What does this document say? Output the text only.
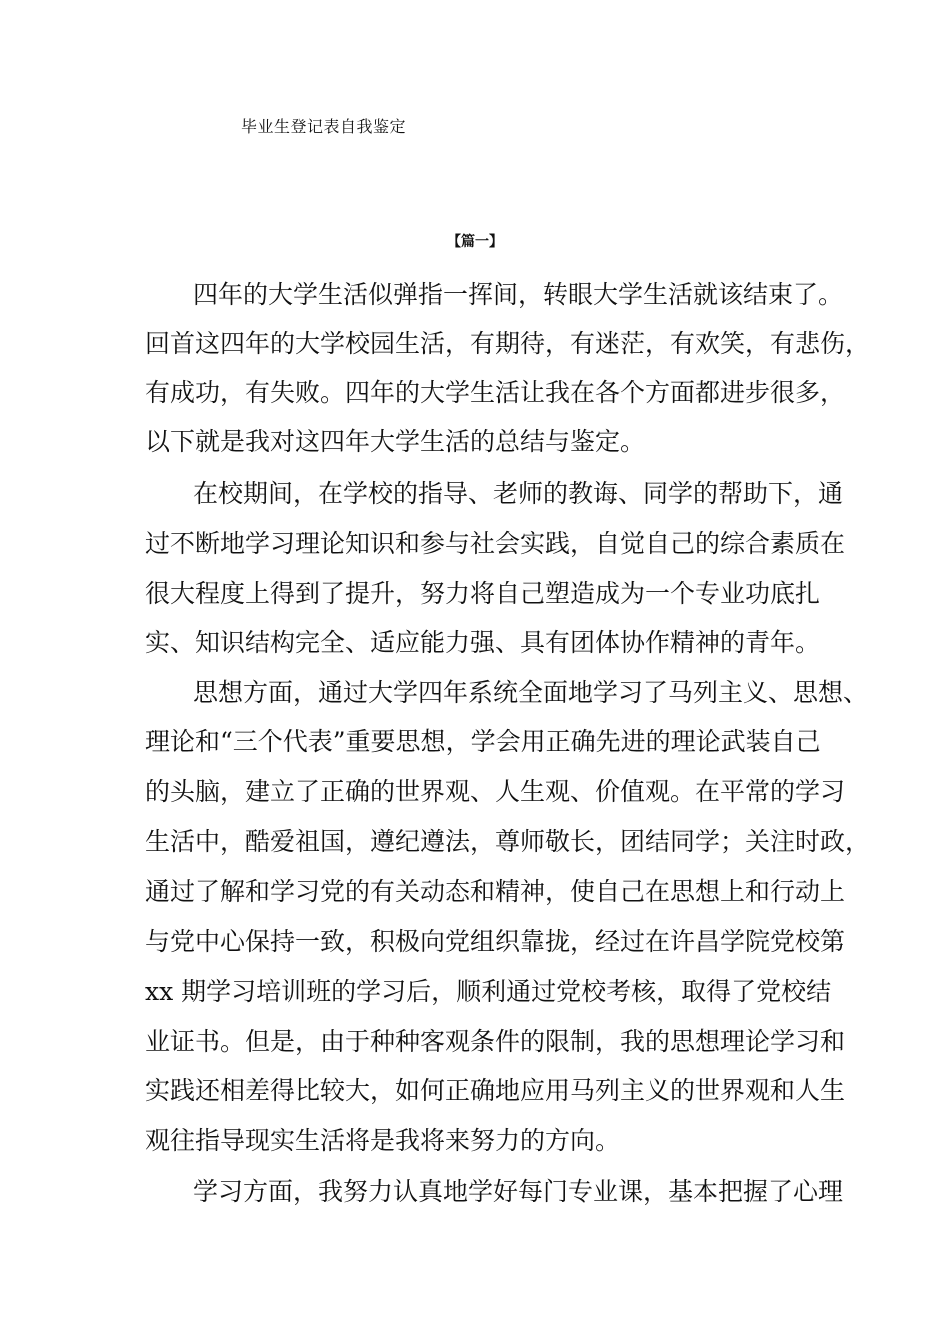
毕业生登记表自我鉴定
【篇一】
四年的大学生活似弹指一挥间，转眼大学生活就该结束了。
回首这四年的大学校园生活，有期待，有迷茫，有欢笑，有悲伤，
有成功，有失败。四年的大学生活让我在各个方面都进步很多，
以下就是我对这四年大学生活的总结与鉴定。
在校期间，在学校的指导、老师的教诲、同学的帮助下，通
过不断地学习理论知识和参与社会实践，自觉自己的综合素质在
很大程度上得到了提升，努力将自己塑造成为一个专业功底扎
实、知识结构完全、适应能力强、具有团体协作精神的青年。
思想方面，通过大学四年系统全面地学习了马列主义、思想、
理论和“三个代表”重要思想，学会用正确先进的理论武装自己
的头脑，建立了正确的世界观、人生观、价值观。在平常的学习
生活中，酷爱祖国，遵纪遵法，尊师敬长，团结同学；关注时政，
通过了解和学习党的有关动态和精神，使自己在思想上和行动上
与党中心保持一致，积极向党组织靠拢，经过在许昌学院党校第
xx 期学习培训班的学习后，顺利通过党校考核，取得了党校结
业证书。但是，由于种种客观条件的限制，我的思想理论学习和
实践还相差得比较大，如何正确地应用马列主义的世界观和人生
观往指导现实生活将是我将来努力的方向。
学习方面，我努力认真地学好每门专业课，基本把握了心理
